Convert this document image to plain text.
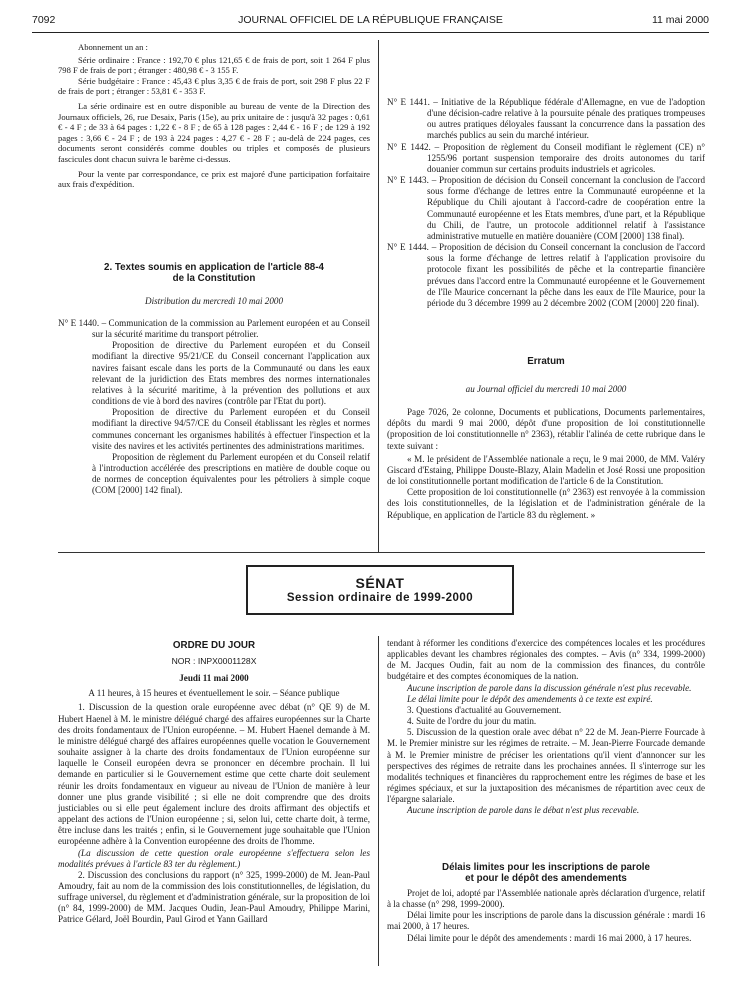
7092	JOURNAL OFFICIEL DE LA RÉPUBLIQUE FRANÇAISE	11 mai 2000

Abonnement un an :

Série ordinaire : France : 192,70 € plus 121,65 € de frais de port, soit 1 264 F plus 798 F de frais de port ; étranger : 480,98 € - 3 155 F.

Série budgétaire : France : 45,43 € plus 3,35 € de frais de port, soit 298 F plus 22 F de frais de port ; étranger : 53,81 € - 353 F.

La série ordinaire est en outre disponible au bureau de vente de la Direction des Journaux officiels, 26, rue Desaix, Paris (15e), au prix unitaire de : jusqu'à 32 pages : 0,61 € - 4 F ; de 33 à 64 pages : 1,22 € - 8 F ; de 65 à 128 pages : 2,44 € - 16 F ; de 129 à 192 pages : 3,66 € - 24 F ; de 193 à 224 pages : 4,27 € - 28 F ; au-delà de 224 pages, ces documents seront considérés comme doubles ou triples et composés de plusieurs fascicules dont chacun suivra le barème ci-dessus.

Pour la vente par correspondance, ce prix est majoré d'une participation forfaitaire aux frais d'expédition.

2. Textes soumis en application de l'article 88-4
de la Constitution

Distribution du mercredi 10 mai 2000

N° E 1440. – Communication de la commission au Parlement européen et au Conseil sur la sécurité maritime du transport pétrolier.

Proposition de directive du Parlement européen et du Conseil modifiant la directive 95/21/CE du Conseil concernant l'application aux navires faisant escale dans les ports de la Communauté ou dans les eaux relevant de la juridiction des Etats membres des normes internationales relatives à la sécurité maritime, à la prévention des pollutions et aux conditions de vie à bord des navires (contrôle par l'Etat du port).

Proposition de directive du Parlement européen et du Conseil modifiant la directive 94/57/CE du Conseil établissant les règles et normes communes concernant les organismes habilités à effectuer l'inspection et la visite des navires et les activités pertinentes des administrations maritimes.

Proposition de règlement du Parlement européen et du Conseil relatif à l'introduction accélérée des prescriptions en matière de double coque ou de normes de conception équivalentes pour les pétroliers à simple coque (COM [2000] 142 final).

N° E 1441. – Initiative de la République fédérale d'Allemagne, en vue de l'adoption d'une décision-cadre relative à la poursuite pénale des pratiques trompeuses ou autres pratiques déloyales faussant la concurrence dans la passation des marchés publics au sein du marché intérieur.

N° E 1442. – Proposition de règlement du Conseil modifiant le règlement (CE) n° 1255/96 portant suspension temporaire des droits autonomes du tarif douanier commun sur certains produits industriels et agricoles.

N° E 1443. – Proposition de décision du Conseil concernant la conclusion de l'accord sous forme d'échange de lettres entre la Communauté européenne et la République du Chili ajoutant à l'accord-cadre de coopération entre la Communauté européenne et les Etats membres, d'une part, et la République du Chili, de l'autre, un protocole additionnel relatif à l'assistance administrative mutuelle en matière douanière (COM [2000] 138 final).

N° E 1444. – Proposition de décision du Conseil concernant la conclusion de l'accord sous la forme d'échange de lettres relatif à l'application provisoire du protocole fixant les possibilités de pêche et la contrepartie financière prévues dans l'accord entre la Communauté européenne et le Gouvernement de l'île Maurice concernant la pêche dans les eaux de l'île Maurice, pour la période du 3 décembre 1999 au 2 décembre 2002 (COM [2000] 220 final).

Erratum

au Journal officiel du mercredi 10 mai 2000

Page 7026, 2e colonne, Documents et publications, Documents parlementaires, dépôts du mardi 9 mai 2000, dépôt d'une proposition de loi constitutionnelle (proposition de loi constitutionnelle n° 2363), rétablir l'alinéa de cette rubrique dans le texte suivant :

« M. le président de l'Assemblée nationale a reçu, le 9 mai 2000, de MM. Valéry Giscard d'Estaing, Philippe Douste-Blazy, Alain Madelin et José Rossi une proposition de loi constitutionnelle portant modification de l'article 6 de la Constitution.

Cette proposition de loi constitutionnelle (n° 2363) est renvoyée à la commission des lois constitutionnelles, de la législation et de l'administration générale de la République, en application de l'article 83 du règlement. »

SÉNAT
Session ordinaire de 1999-2000
ORDRE DU JOUR

NOR : INPX0001128X

Jeudi 11 mai 2000

A 11 heures, à 15 heures et éventuellement le soir. – Séance publique

1. Discussion de la question orale européenne avec débat (n° QE 9) de M. Hubert Haenel à M. le ministre délégué chargé des affaires européennes sur la Charte des droits fondamentaux de l'Union européenne. – M. Hubert Haenel demande à M. le ministre délégué chargé des affaires européennes quelle vocation le Gouvernement souhaite assigner à la charte des droits fondamentaux de l'Union européenne sur laquelle le Conseil européen devra se prononcer en décembre prochain. Il lui demande en particulier si le Gouvernement estime que cette charte doit seulement réunir les droits fondamentaux en vigueur au niveau de l'Union de manière à leur donner une plus grande visibilité ; si elle ne doit comprendre que des droits justiciables ou si elle peut également inclure des droits affirmant des objectifs et appelant des actions de l'Union européenne ; si, selon lui, cette charte doit, à terme, être incluse dans les traités ; enfin, si le Gouvernement juge souhaitable que l'Union européenne adhère à la Convention européenne des droits de l'homme.

(La discussion de cette question orale européenne s'effectuera selon les modalités prévues à l'article 83 ter du règlement.)

2. Discussion des conclusions du rapport (n° 325, 1999-2000) de M. Jean-Paul Amoudry, fait au nom de la commission des lois constitutionnelles, de législation, du suffrage universel, du règlement et d'administration générale, sur la proposition de loi (n° 84, 1999-2000) de MM. Jacques Oudin, Jean-Paul Amoudry, Philippe Marini, Patrice Gélard, Joël Bourdin, Paul Girod et Yann Gaillard

tendant à réformer les conditions d'exercice des compétences locales et les procédures applicables devant les chambres régionales des comptes. – Avis (n° 334, 1999-2000) de M. Jacques Oudin, fait au nom de la commission des finances, du contrôle budgétaire et des comptes économiques de la nation.

Aucune inscription de parole dans la discussion générale n'est plus recevable.

Le délai limite pour le dépôt des amendements à ce texte est expiré.

3. Questions d'actualité au Gouvernement.

4. Suite de l'ordre du jour du matin.

5. Discussion de la question orale avec débat n° 22 de M. Jean-Pierre Fourcade à M. le Premier ministre sur les régimes de retraite. – M. Jean-Pierre Fourcade demande à M. le Premier ministre de préciser les orientations qu'il vient d'annoncer sur les perspectives des régimes de retraite dans les prochaines années. Il s'interroge sur les modalités techniques et financières du rapprochement entre les régimes de base et les régimes spéciaux, et sur la juxtaposition des mécanismes de répartition avec ceux de l'épargne salariale.

Aucune inscription de parole dans le débat n'est plus recevable.

Délais limites pour les inscriptions de parole
et pour le dépôt des amendements

Projet de loi, adopté par l'Assemblée nationale après déclaration d'urgence, relatif à la chasse (n° 298, 1999-2000).

Délai limite pour les inscriptions de parole dans la discussion générale : mardi 16 mai 2000, à 17 heures.

Délai limite pour le dépôt des amendements : mardi 16 mai 2000, à 17 heures.
